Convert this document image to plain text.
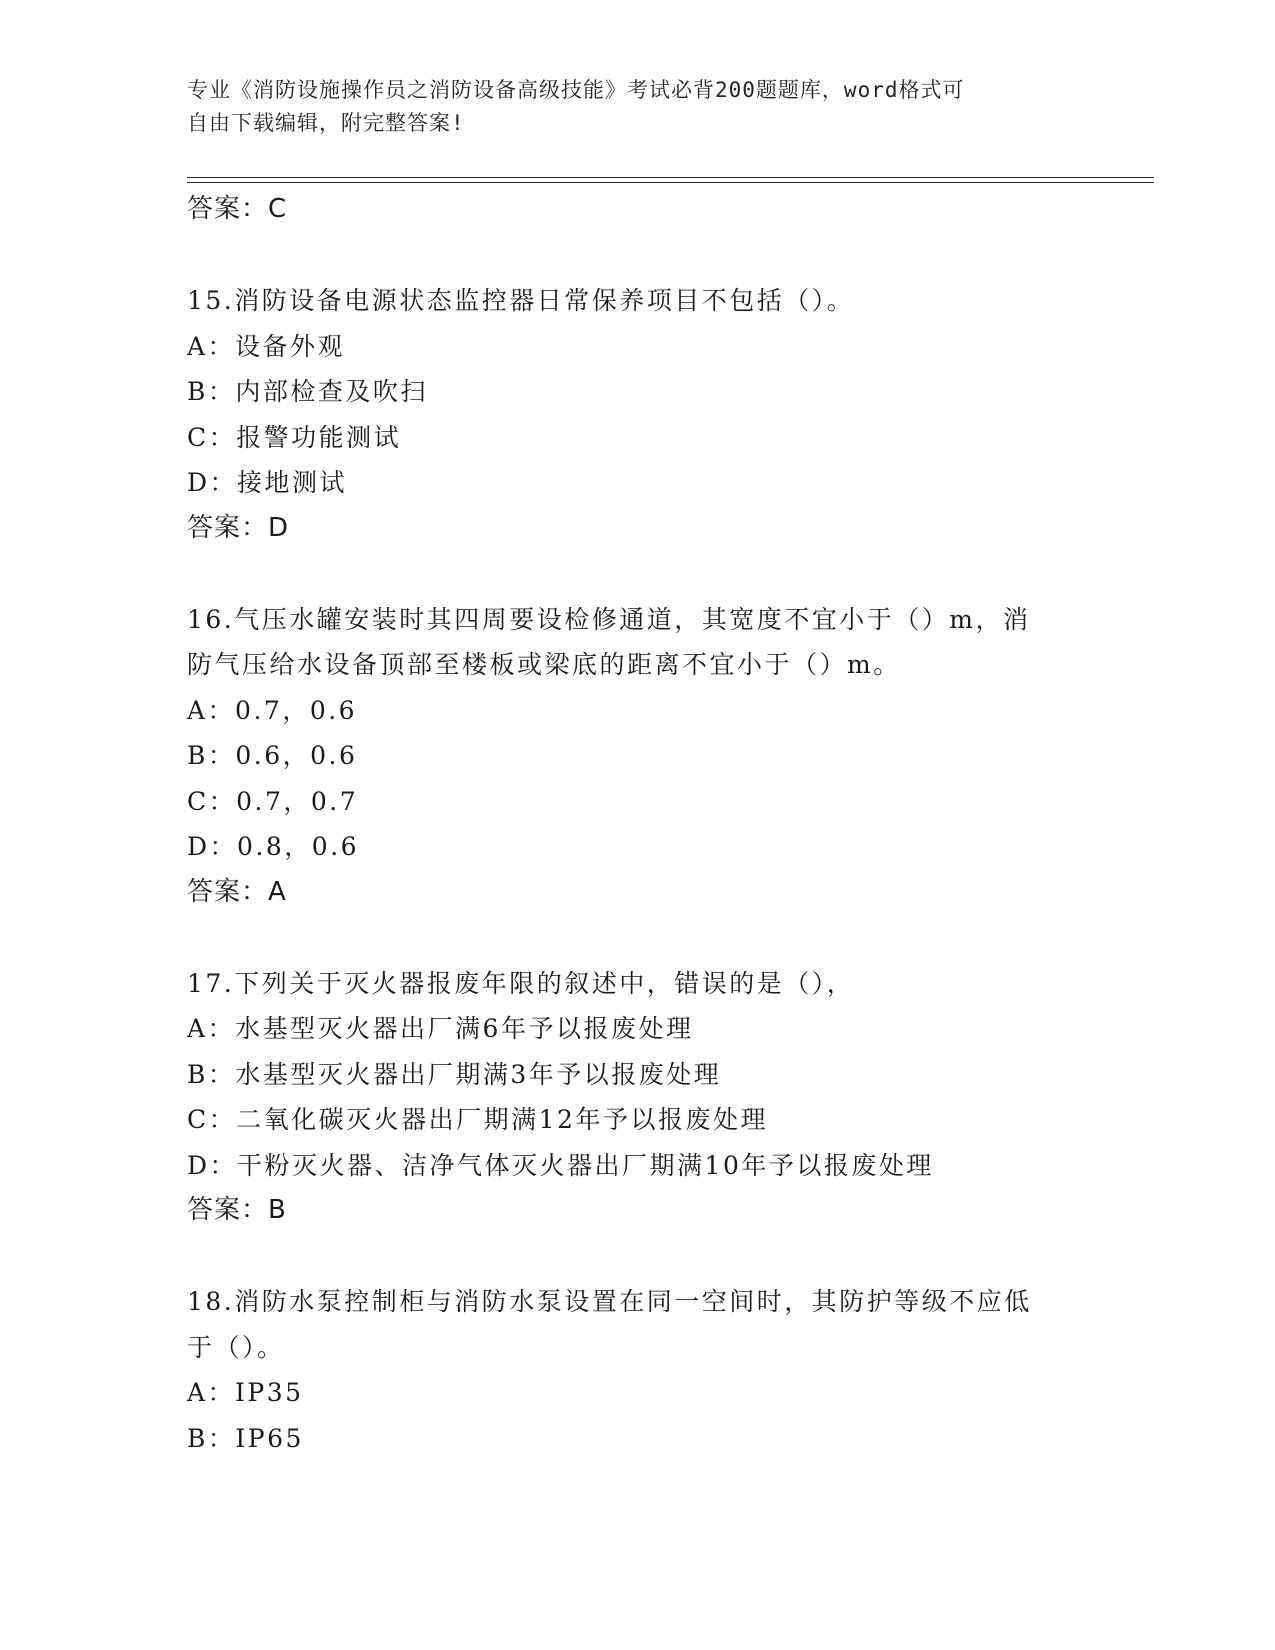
专业《消防设施操作员之消防设备高级技能》考试必背200题题库，word格式可
自由下载编辑，附完整答案!
答案：C
15.消防设备电源状态监控器日常保养项目不包括（）。
A：设备外观
B：内部检查及吹扫
C：报警功能测试
D：接地测试
答案：D
16.气压水罐安装时其四周要设检修通道，其宽度不宜小于（）m，消
防气压给水设备顶部至楼板或梁底的距离不宜小于（）m。
A：0.7，0.6
B：0.6，0.6
C：0.7，0.7
D：0.8，0.6
答案：A
17.下列关于灭火器报废年限的叙述中，错误的是（），
A：水基型灭火器出厂满6年予以报废处理
B：水基型灭火器出厂期满3年予以报废处理
C：二氧化碳灭火器出厂期满12年予以报废处理
D：干粉灭火器、洁净气体灭火器出厂期满10年予以报废处理
答案：B
18.消防水泵控制柜与消防水泵设置在同一空间时，其防护等级不应低
于（）。
A：IP35
B：IP65
